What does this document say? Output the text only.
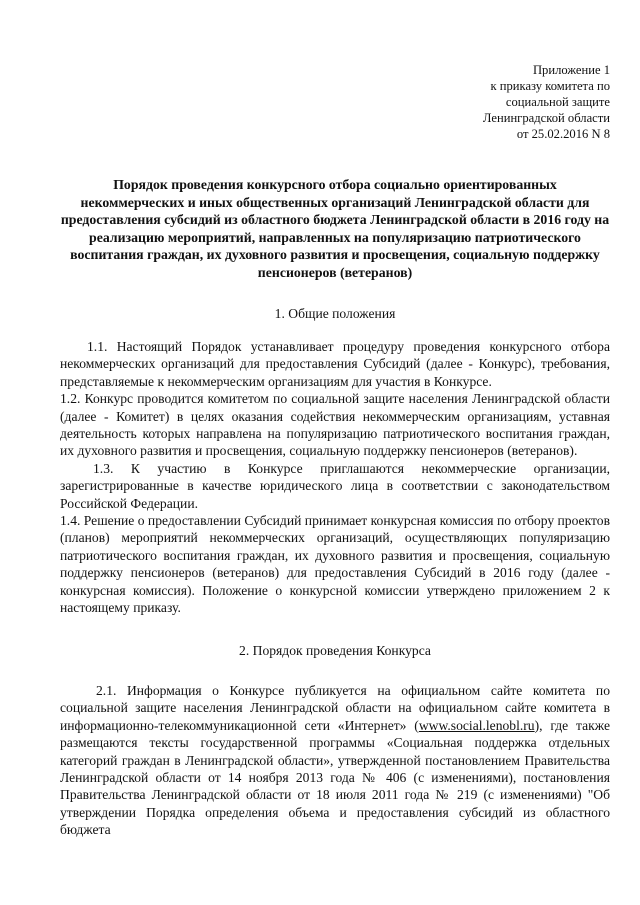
Приложение 1
к приказу комитета по
социальной защите
Ленинградской области
от 25.02.2016 N 8
Порядок проведения конкурсного отбора социально ориентированных некоммерческих и иных общественных организаций Ленинградской области для предоставления субсидий из областного бюджета Ленинградской области в 2016 году на реализацию мероприятий, направленных на популяризацию патриотического воспитания граждан, их духовного развития и просвещения, социальную поддержку пенсионеров (ветеранов)
1. Общие положения

1.1. Настоящий Порядок устанавливает процедуру проведения конкурсного отбора некоммерческих организаций для предоставления Субсидий (далее - Конкурс), требования, представляемые к некоммерческим организациям для участия в Конкурсе.

1.2. Конкурс проводится комитетом по социальной защите населения Ленинградской области (далее - Комитет) в целях оказания содействия некоммерческим организациям, уставная деятельность которых направлена на популяризацию патриотического воспитания граждан, их духовного развития и просвещения, социальную поддержку пенсионеров (ветеранов).

1.3. К участию в Конкурсе приглашаются некоммерческие организации, зарегистрированные в качестве юридического лица в соответствии с законодательством Российской Федерации.

1.4. Решение о предоставлении Субсидий принимает конкурсная комиссия по отбору проектов (планов) мероприятий некоммерческих организаций, осуществляющих популяризацию патриотического воспитания граждан, их духовного развития и просвещения, социальную поддержку пенсионеров (ветеранов) для предоставления Субсидий в 2016 году (далее - конкурсная комиссия). Положение о конкурсной комиссии утверждено приложением 2 к настоящему приказу.

2. Порядок проведения Конкурса

2.1. Информация о Конкурсе публикуется на официальном сайте комитета по социальной защите населения Ленинградской области на официальном сайте комитета в информационно-телекоммуникационной сети «Интернет» (www.social.lenobl.ru), где также размещаются тексты государственной программы «Социальная поддержка отдельных категорий граждан в Ленинградской области», утвержденной постановлением Правительства Ленинградской области от 14 ноября 2013 года № 406 (с изменениями), постановления Правительства Ленинградской области от 18 июля 2011 года № 219 (с изменениями) "Об утверждении Порядка определения объема и предоставления субсидий из областного бюджета
